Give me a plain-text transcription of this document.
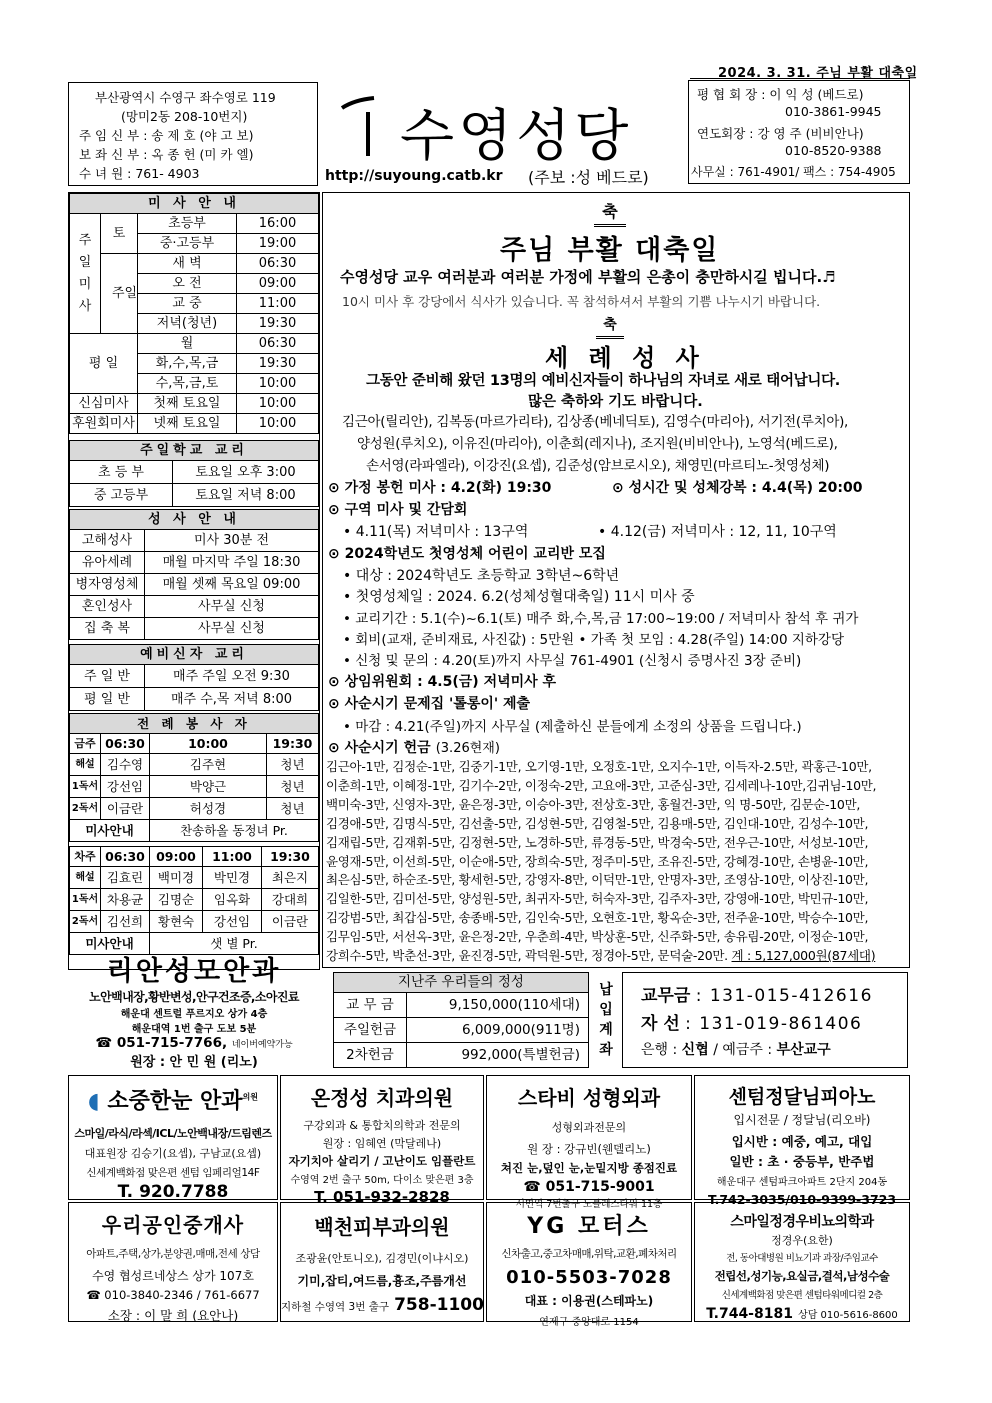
2024. 3. 31. 주님 부활 대축일
부산광역시 수영구 좌수영로 119
(망미2동 208-10번지)
주 임 신 부 : 송 제 호 (야 고 보)
보 좌 신 부 : 옥 종 헌 (미 카 엘)
수 녀 원 : 761- 4903
수영성당
http://suyoung.catb.kr (주보 :성 베드로)
평 협 회 장 : 이 익 성 (베드로)
010-3861-9945
연도회장 : 강 영 주 (비비안나)
010-8520-9388
사무실 : 761-4901/ 팩스 : 754-4905
미 사 안 내			
주일미사	토	초등부	16:00
		중·고등부	19:00
	주일	새 벽	06:30
		오 전	09:00
		교 중	11:00
		저녁(청년)	19:30
평 일		월	06:30
		화,수,목,금	19:30
		수,목,금,토	10:00
신심미사		첫째 토요일	10:00
후원회미사		넷째 토요일	10:00
주일학교 교리	
초 등 부	토요일 오후 3:00
중 고등부	토요일 저녁 8:00
성 사 안 내	
고해성사	미사 30분 전
유아세례	매월 마지막 주일 18:30
병자영성체	매월 셋째 목요일 09:00
혼인성사	사무실 신청
집 축 복	사무실 신청
예비신자 교리	
주 일 반	매주 주일 오전 9:30
평 일 반	매주 수,목 저녁 8:00
전 례 봉 사 자			
금주	06:30	10:00	19:30
해설	김수영	김주현	청년
1독서	강선임	박양근	청년
2독서	이금란	허성경	청년
미사안내		찬송하올 동정녀 Pr.	
차주	06:30	09:00	11:00	19:30
해설	김효린	백미경	박민경	최은지
1독서	차용균	김명순	임옥화	강대희
2독서	김선희	황현숙	강선임	이금란
미사안내		샛 별 Pr.		
리안성모안과
노안백내장,황반변성,안구건조증,소아진료
해운대 센트럴 푸르지오 상가 4층
해운대역 1번 출구 도보 5분
☎ 051-715-7766, 네이버예약가능
원장 : 안 민 원 (리노)
축
주님 부활 대축일
수영성당 교우 여러분과 여러분 가정에 부활의 은총이 충만하시길 빕니다.♬
10시 미사 후 강당에서 식사가 있습니다. 꼭 참석하셔서 부활의 기쁨 나누시기 바랍니다.
축
세 례 성 사
그동안 준비해 왔던 13명의 예비신자들이 하나님의 자녀로 새로 태어납니다.
많은 축하와 기도 바랍니다.
김근아(릴리안), 김복동(마르가리타), 김상종(베네딕토), 김영수(마리아), 서기전(루치아),
양성원(루치오), 이유진(마리아), 이춘희(레지나), 조지원(비비안나), 노영석(베드로),
손서영(라파엘라), 이강진(요셉), 김준성(암브로시오), 채영민(마르티노-첫영성체)
⊙ 가정 봉헌 미사 : 4.2(화) 19:30	⊙ 성시간 및 성체강복 : 4.4(목) 20:00
⊙ 구역 미사 및 간담회
• 4.11(목) 저녁미사 : 13구역	• 4.12(금) 저녁미사 : 12, 11, 10구역
⊙ 2024학년도 첫영성체 어린이 교리반 모집
• 대상 : 2024학년도 초등학교 3학년~6학년
• 첫영성체일 : 2024. 6.2(성체성혈대축일) 11시 미사 중
• 교리기간 : 5.1(수)~6.1(토) 매주 화,수,목,금 17:00~19:00 / 저녁미사 참석 후 귀가
• 회비(교재, 준비재료, 사진값) : 5만원 • 가족 첫 모임 : 4.28(주일) 14:00 지하강당
• 신청 및 문의 : 4.20(토)까지 사무실 761-4901 (신청시 증명사진 3장 준비)
⊙ 상임위원회 : 4.5(금) 저녁미사 후
⊙ 사순시기 문제집 '톨롱이' 제출
• 마감 : 4.21(주일)까지 사무실 (제출하신 분들에게 소정의 상품을 드립니다.)
⊙ 사순시기 헌금 (3.26현재)
김근아-1만, 김정순-1만, 김중기-1만, 오기영-1만, 오정호-1만, 오지수-1만, 이득자-2.5만, 곽홍근-10만,
이춘희-1만, 이혜정-1만, 김기수-2만, 이정숙-2만, 고요애-3만, 고준심-3만, 김세레나-10만,김귀님-10만,
백미숙-3만, 신영자-3만, 윤은정-3만, 이승아-3만, 전상호-3만, 홍월건-3만, 익 명-50만, 김문순-10만,
김경애-5만, 김명식-5만, 김선출-5만, 김성현-5만, 김영철-5만, 김용매-5만, 김인대-10만, 김성수-10만,
김재립-5만, 김재휘-5만, 김정현-5만, 노경하-5만, 류경동-5만, 박경숙-5만, 전우근-10만, 서성보-10만,
윤영재-5만, 이선희-5만, 이순애-5만, 장희숙-5만, 정주미-5만, 조유진-5만, 강혜경-10만, 손병윤-10만,
최은심-5만, 하순조-5만, 황세헌-5만, 강영자-8만, 이덕만-1만, 안명자-3만, 조영삼-10만, 이상진-10만,
김일한-5만, 김미선-5만, 양성원-5만, 최귀자-5만, 허숙자-3만, 김주자-3만, 강영애-10만, 박민규-10만,
김강범-5만, 최갑심-5만, 송종배-5만, 김인숙-5만, 오현호-1만, 황옥순-3만, 전주윤-10만, 박승수-10만,
김무임-5만, 서선옥-3만, 윤은정-2만, 우춘희-4만, 박상훈-5만, 신주화-5만, 송유림-20만, 이정순-10만,
강희수-5만, 박춘선-3만, 윤진경-5만, 곽덕원-5만, 정경아-5만, 문덕술-20만. 계 : 5,127,000원(87세대)
지난주 우리들의 정성	
교 무 금	9,150,000(110세대)
주일헌금	6,009,000(911명)
2차헌금	992,000(특별헌금)
납입계좌
교무금 : 131-015-412616
자 선 : 131-019-861406
은행 : 신협 / 예금주 : 부산교구
◖ 소중한눈 안과$^{의원}$
스마일/라식/라섹/ICL/노안백내장/드림렌즈
대표원장 김승기(요셉), 구남교(요셉)
신세계백화점 맞은편 센텀 임페리얼14F
T. 920.7788
온정성 치과의원
구강외과 & 통합치의학과 전문의
원장 : 임혜연 (막달레나)
자기치아 살리기 / 고난이도 임플란트
수영역 2번 출구 50m, 다이소 맞은편 3층
T. 051-932-2828
스타비 성형외과
성형외과전문의
원 장 : 강규빈(웬델리노)
쳐진 눈,덮인 눈,눈밑지방 종점진료
☎ 051-715-9001
서면역 7번출구 노블레스타워 11층
센텀정달님피아노
입시전문 / 정달님(리오바)
입시반 : 예중, 예고, 대입
일반 : 초 · 중등부, 반주법
해운대구 센텀파크아파트 2단지 204동
T.742-3035/010-9399-3723
우리공인중개사
아파트,주택,상가,분양권,매매,전세 상담
수영 협성르네상스 상가 107호
☎ 010-3840-2346 / 761-6677
소장 : 이 말 희 (요안나)
백천피부과의원
조광윤(안토니오), 김경민(이냐시오)
기미,잡티,여드름,흉조,주름개선
지하철 수영역 3번 출구 758-1100
YG 모터스
신차출고,중고차매매,위탁,교환,폐차처리
010-5503-7028
대표 : 이용권(스테파노)
연제구 중앙대로 1154
스마일정경우비뇨의학과
정경우(요한)
전, 동아대병원 비뇨기과 과장/주임교수
전립선,성기능,요실금,결석,남성수술
신세계백화점 맞은편 센텀타워메디컬 2층
T.744-8181 상담 010-5616-8600
